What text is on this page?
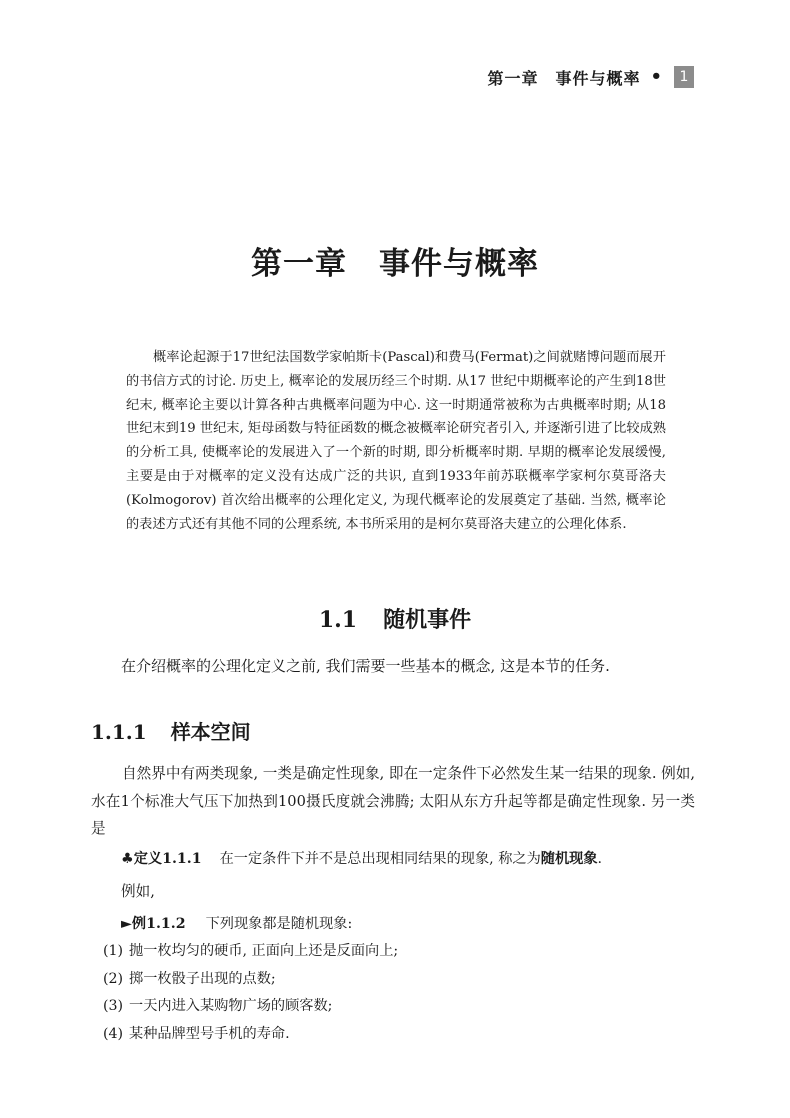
第一章　事件与概率 •	1
第一章 事件与概率

概率论起源于17世纪法国数学家帕斯卡(Pascal)和费马(Fermat)之间就赌博问题而展开的书信方式的讨论. 历史上, 概率论的发展历经三个时期. 从17 世纪中期概率论的产生到18世纪末, 概率论主要以计算各种古典概率问题为中心. 这一时期通常被称为古典概率时期; 从18 世纪末到19 世纪末, 矩母函数与特征函数的概念被概率论研究者引入, 并逐渐引进了比较成熟的分析工具, 使概率论的发展进入了一个新的时期, 即分析概率时期. 早期的概率论发展缓慢, 主要是由于对概率的定义没有达成广泛的共识, 直到1933年前苏联概率学家柯尔莫哥洛夫(Kolmogorov) 首次给出概率的公理化定义, 为现代概率论的发展奠定了基础. 当然, 概率论的表述方式还有其他不同的公理系统, 本书所采用的是柯尔莫哥洛夫建立的公理化体系.

1.1 随机事件

在介绍概率的公理化定义之前, 我们需要一些基本的概念, 这是本节的任务.

1.1.1 样本空间

自然界中有两类现象, 一类是确定性现象, 即在一定条件下必然发生某一结果的现象. 例如, 水在1个标准大气压下加热到100摄氏度就会沸腾; 太阳从东方升起等都是确定性现象. 另一类是

♣定义1.1.1 在一定条件下并不是总出现相同结果的现象, 称之为随机现象.

例如,

►例1.1.2 下列现象都是随机现象:

(1) 抛一枚均匀的硬币, 正面向上还是反面向上;
(2) 掷一枚骰子出现的点数;
(3) 一天内进入某购物广场的顾客数;
(4) 某种品牌型号手机的寿命.
